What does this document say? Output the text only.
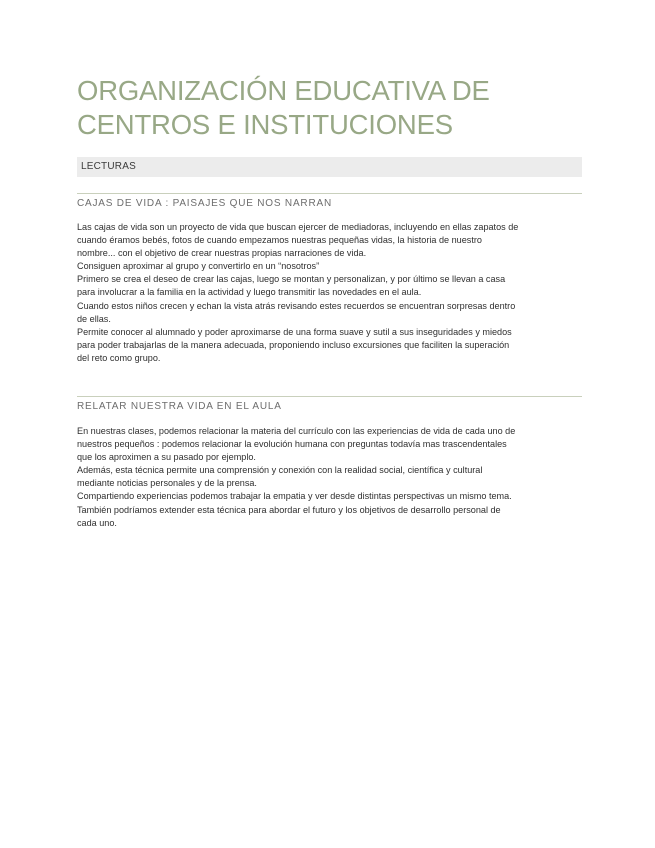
ORGANIZACIÓN EDUCATIVA DE
CENTROS E INSTITUCIONES
LECTURAS
CAJAS DE VIDA : PAISAJES QUE NOS NARRAN
Las cajas de vida son un proyecto de vida que buscan ejercer de mediadoras, incluyendo en ellas zapatos de
cuando éramos bebés, fotos de cuando empezamos nuestras pequeñas vidas, la historia de nuestro
nombre... con el objetivo de crear nuestras propias narraciones de vida.
Consiguen aproximar al grupo y convertirlo en un “nosotros”
Primero se crea el deseo de crear las cajas, luego se montan y personalizan, y por último se llevan a casa
para involucrar a la familia en la actividad y luego transmitir las novedades en el aula.
Cuando estos niños crecen y echan la vista atrás revisando estes recuerdos se encuentran sorpresas dentro
de ellas.
Permite conocer al alumnado y poder aproximarse de una forma suave y sutil a sus inseguridades y miedos
para poder trabajarlas de la manera adecuada, proponiendo incluso excursiones que faciliten la superación
del reto como grupo.
RELATAR NUESTRA VIDA EN EL AULA
En nuestras clases, podemos relacionar la materia del currículo con las experiencias de vida de cada uno de
nuestros pequeños : podemos relacionar la evolución humana con preguntas todavía mas trascendentales
que los aproximen a su pasado por ejemplo.
Además, esta técnica permite una comprensión y conexión con la realidad social, científica y cultural
mediante noticias personales y de la prensa.
Compartiendo experiencias podemos trabajar la empatia y ver desde distintas perspectivas un mismo tema.
También podríamos extender esta técnica para abordar el futuro y los objetivos de desarrollo personal de
cada uno.
